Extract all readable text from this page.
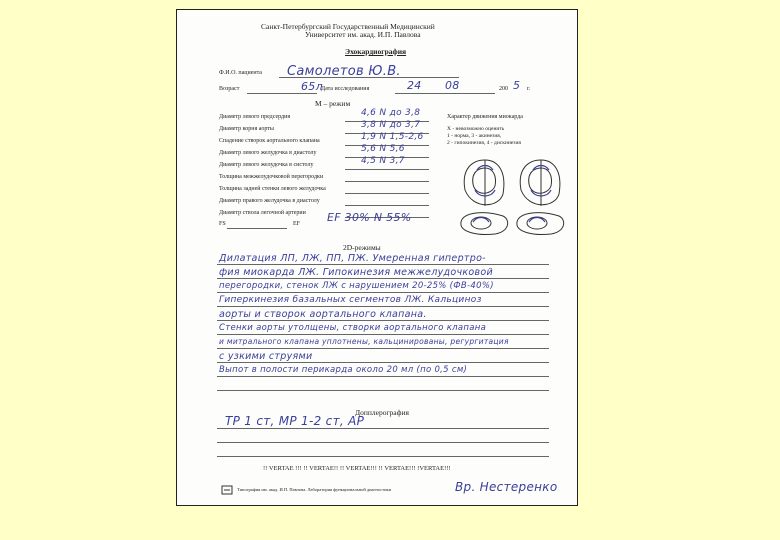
Санкт-Петербургский Государственный Медицинский
Университет им. акад. И.П. Павлова
Эхокардиография
Ф.И.О. пациента Самолетов Ю.В.
Возраст	65л
Дата исследования	24 08	200 5 г.
М – режим
Диаметр левого предсердия	4,6 N до 3,8
Диаметр корня аорты	3,8 N до 3,7
Спадение створок аортального клапана	1,9 N 1,5-2,6
Диаметр левого желудочка в диастолу	5,6 N 5,6
Диаметр левого желудочка в систолу	4,5 N 3,7
Толщина межжелудочковой перегородки
Толщина задней стенки левого желудочка
Диаметр правого желудочка в диастолу
Диаметр ствола легочной артерии
FS	EF EF 30% N 55%
Характер движения миокарда
Х - невозможно оценить
1 - норма, 3 - акинезия,
2 - гипокинезия, 4 - дискинезия
2D-режимы
Дилатация ЛП, ЛЖ, ПП, ПЖ. Умеренная гипертро-
фия миокарда ЛЖ. Гипокинезия межжелудочковой
перегородки, стенок ЛЖ с нарушением 20-25% (ФВ-40%)
Гиперкинезия базальных сегментов ЛЖ. Кальциноз
аорты и створок аортального клапана.
Стенки аорты утолщены, створки аортального клапана
и митрального клапана уплотнены, кальцинированы, регургитация
с узкими струями
Выпот в полости перикарда около 20 мл (по 0,5 см)
Допплерография
ТР 1 ст, МР 1-2 ст, АР
!! VERTAE !!! !! VERTAE!! !! VERTAE!!! !! VERTAE!!! !VERTAE!!!
Типография им. акад. И.П. Павлова. Лаборатория функциональной диагностики	Вр. Нестеренко
